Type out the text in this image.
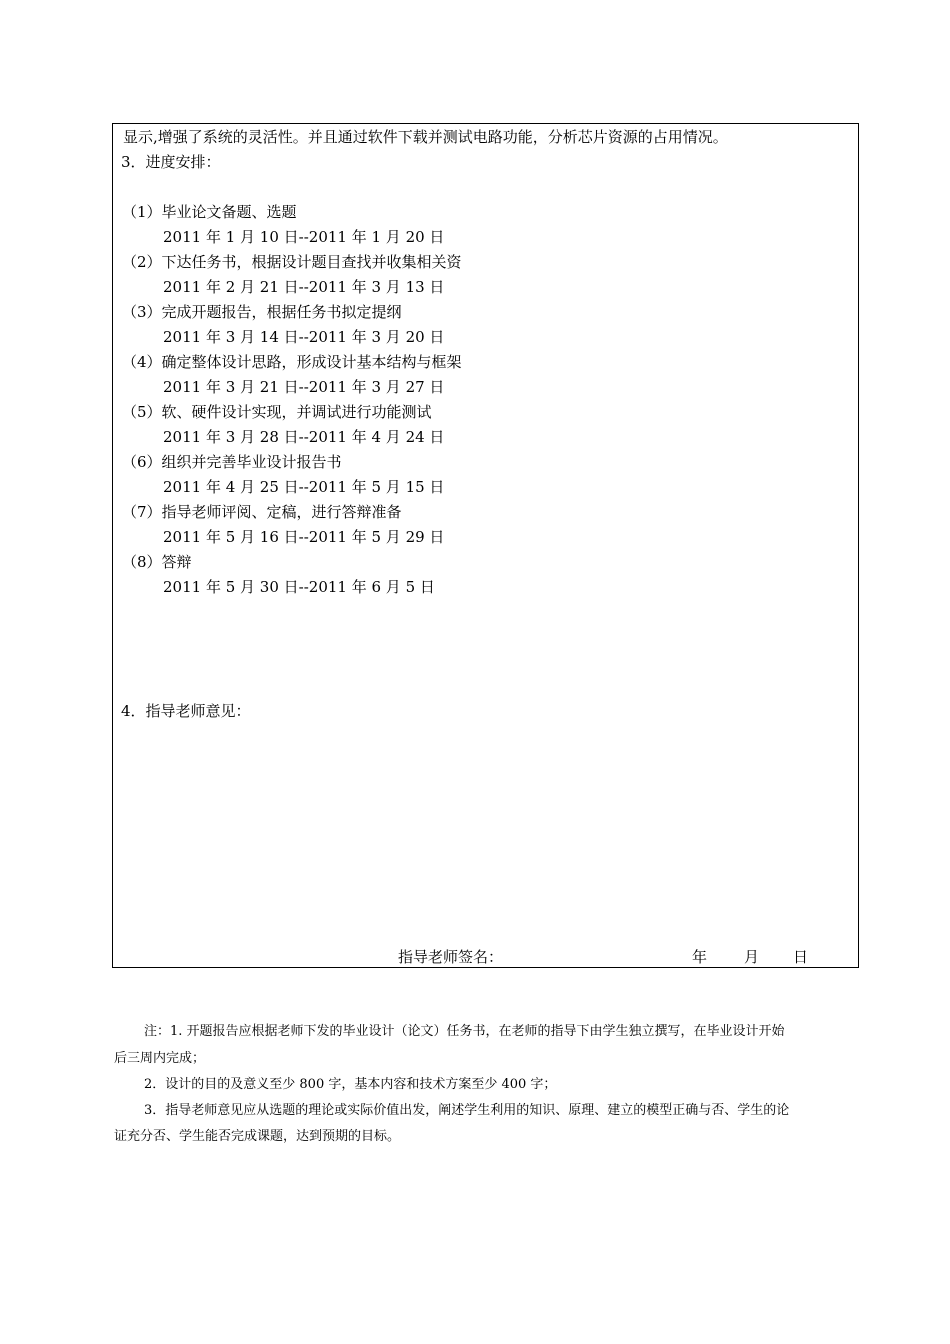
显示,增强了系统的灵活性。并且通过软件下载并测试电路功能，分析芯片资源的占用情况。
3．进度安排：
（1）毕业论文备题、选题
2011 年 1 月 10 日--2011 年 1 月 20 日
（2）下达任务书，根据设计题目查找并收集相关资
2011 年 2 月 21 日--2011 年 3 月 13 日
（3）完成开题报告，根据任务书拟定提纲
2011 年 3 月 14 日--2011 年 3 月 20 日
（4）确定整体设计思路，形成设计基本结构与框架
2011 年 3 月 21 日--2011 年 3 月 27 日
（5）软、硬件设计实现，并调试进行功能测试
2011 年 3 月 28 日--2011 年 4 月 24 日
（6）组织并完善毕业设计报告书
2011 年 4 月 25 日--2011 年 5 月 15 日
（7）指导老师评阅、定稿，进行答辩准备
2011 年 5 月 16 日--2011 年 5 月 29 日
（8）答辩
2011 年 5 月 30 日--2011 年 6 月 5 日
4．指导老师意见：
指导老师签名：	年 月 日
注：1. 开题报告应根据老师下发的毕业设计（论文）任务书，在老师的指导下由学生独立撰写，在毕业设计开始
后三周内完成；
2．设计的目的及意义至少 800 字，基本内容和技术方案至少 400 字；
3．指导老师意见应从选题的理论或实际价值出发，阐述学生利用的知识、原理、建立的模型正确与否、学生的论
证充分否、学生能否完成课题，达到预期的目标。
